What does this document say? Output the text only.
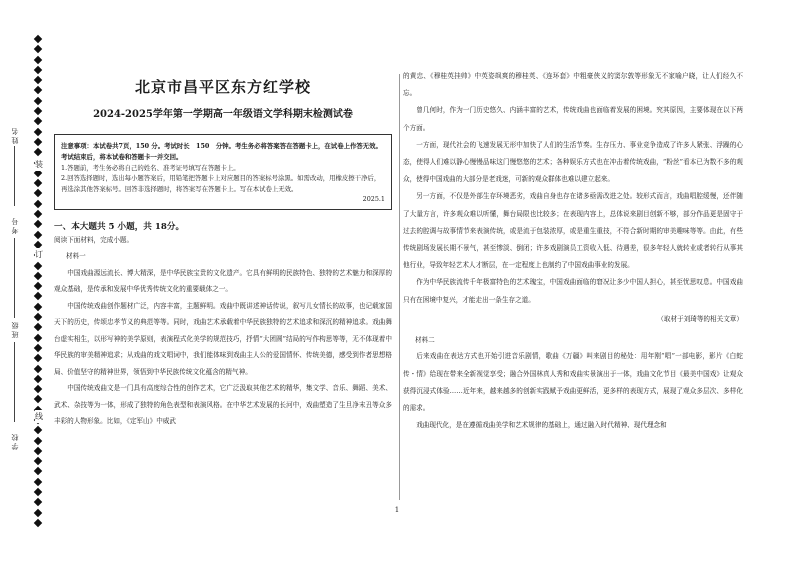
姓名
考号
班级
学校
装
订
线
北京市昌平区东方红学校
2024-2025学年第一学期高一年级语文学科期末检测试卷
注意事项：本试卷共7页，150 分。考试时长　150　分钟。考生务必将答案答在答题卡上，在试卷上作答无效。考试结束后，将本试卷和答题卡一并交回。
1.答题前，考生务必将自己的姓名、准考证号填写在答题卡上。
2.回答选择题时，选出每小题答案后，用铅笔把答题卡上对应题目的答案标号涂黑。如需改动，用橡皮擦干净后，再选涂其他答案标号。回答非选择题时，将答案写在答题卡上。写在本试卷上无效。
2025.1
一、本大题共 5 小题，共 18分。

阅读下面材料，完成小题。

材料一

中国戏曲源远流长、博大精深，是中华民族宝贵的文化遗产。它具有鲜明的民族特色、独特的艺术魅力和深厚的观众基础，是传承和发展中华优秀传统文化的重要载体之一。

中国传统戏曲创作题材广泛，内容丰富，主题鲜明。戏曲中既讲述神话传说，叙写儿女情长的故事，也记载家国天下的历史，传颂忠孝节义的典范等等。同时，戏曲艺术承载着中华民族独特的艺术追求和深沉的精神追求。戏曲舞台虚实相生，以形写神的美学原则，表演程式化美学的规范技巧，抒情“大团圆”结局的写作构思等等，无不体现着中华民族的审美精神追求；从戏曲的戏文唱词中，我们能体味到戏曲主人公的爱国情怀、传统美德，感受到作者思想格局、价值坚守的精神世界，领悟到中华民族传统文化蕴含的精气神。

中国传统戏曲文是一门具有高度综合性的创作艺术，它广泛汲取其他艺术的精华，集文学、音乐、舞蹈、美术、武术、杂技等为一体，形成了独特的角色表型和表演风格。在中华艺术发展的长河中，戏曲塑造了生旦净末丑等众多丰彩的人物形象。比如，《定军山》中威武

的黄忠、《穆桂英挂帅》中英姿飒爽的穆桂英、《连环套》中粗豪侠义的窦尔敦等形象无不家喻户晓，让人们经久不忘。

曾几何时，作为一门历史悠久、内涵丰富的艺术，传统戏曲也面临着发展的困境。究其原因，主要体现在以下两个方面。

一方面，现代社会的飞速发展无形中加快了人们的生活节奏。生存压力、事业竞争造成了许多人紧张、浮躁的心态，使得人们难以静心慢慢品味这门慢悠悠的艺术；各种娱乐方式也在冲击着传统戏曲，“粉丝”看本已为数不多的观众，使得中国戏曲的大部分是老戏迷，可新的观众群体也难以建立起来。

另一方面，不仅是外部生存环境恶劣，戏曲自身也存在诸多亟需改进之处。较形式而言，戏曲唱腔缓慢，还伴随了大量方言，许多观众难以听懂，舞台局限也比较多；在表现内容上，总体说来剧目创新不够，部分作品更是固守于过去的腔调与故事情节来表演传统，或是流于包装浓厚，或是重生重技，不符合新时期的审美趣味等等。由此，有些传统剧场发展长期不景气，甚至惨淡、倒闭；许多戏剧演员工资收入低、待遇差，很多年轻人就转业或者转行从事其他行业，导致年轻艺术人才断层，在一定程度上也制约了中国戏曲事业的发展。

作为中华民族流传千年极富特色的艺术瑰宝，中国戏曲面临的窘况让多少中国人担心，甚至忧思叹息。中国戏曲只有在困境中复兴，才能走出一条生存之道。

（取材于刘琦等的相关文章）

材料二

后来戏曲在表达方式也开始引进音乐剧情，歌曲《万疆》叫来剧目的秘处：用年刚“唱”一部电影，影片《白蛇传・情》给现在带来全新视觉享受；融合外国林真人秀和戏曲实景演出于一体，戏曲文化节目《最美中国戏》让观众获得沉浸式体验……近年来，越来越多的创新实践赋予戏曲更鲜活，更多样的表现方式，展现了观众多层次、多样化的需求。

戏曲现代化，是在遵循戏曲美学和艺术规律的基础上，通过融入时代精神、现代理念和

1
